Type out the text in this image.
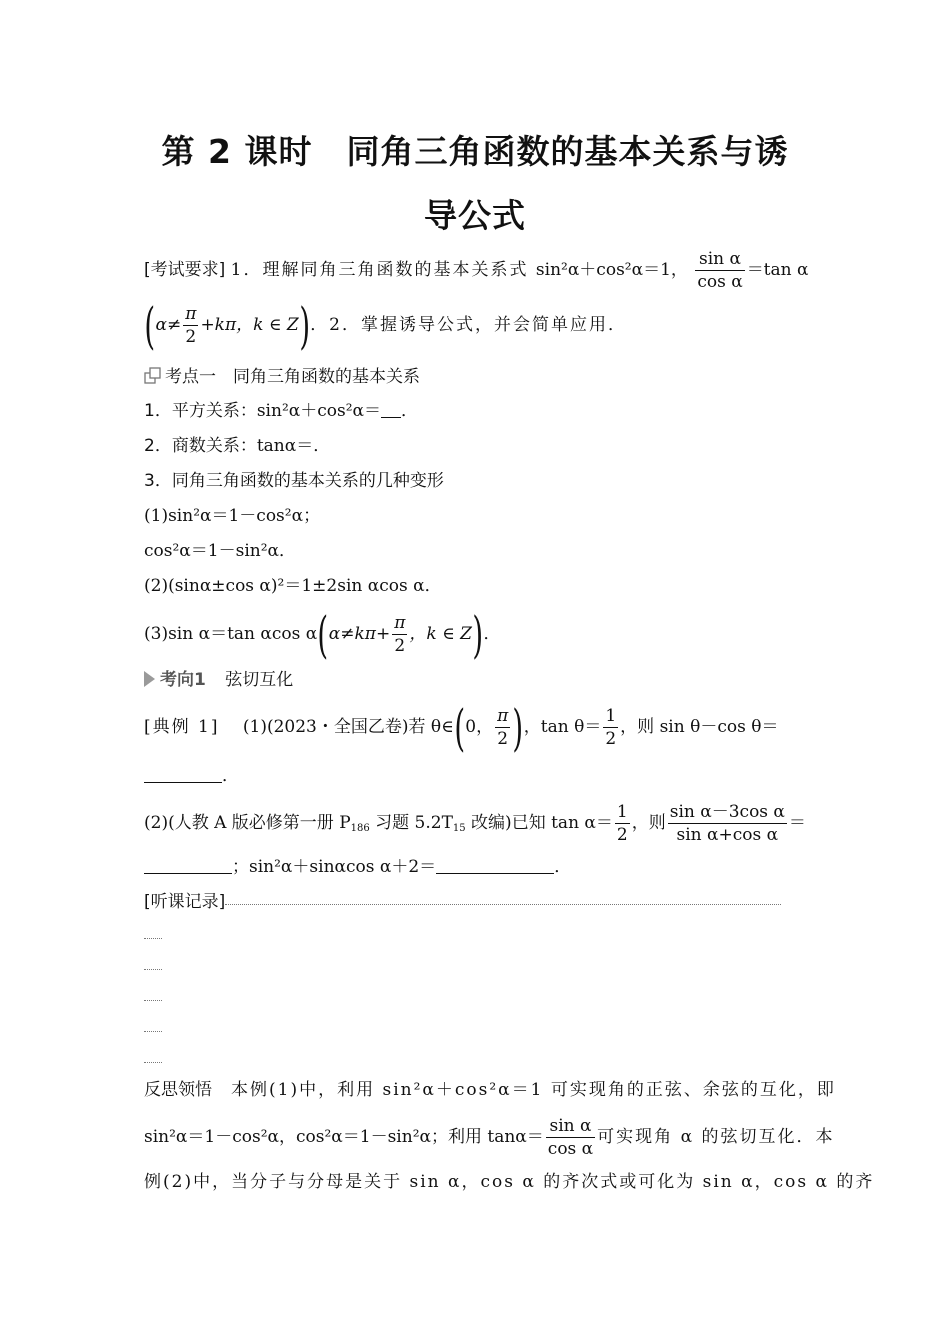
第 2 课时　同角三角函数的基本关系与诱
导公式
[考试要求] 1．理解同角三角函数的基本关系式 sin²α＋cos²α＝1， $\frac{\text{sin α}}{\text{cos α}} =\tan$ α
($\alpha\ne \frac{\pi}{2} +k\pi$，k ∈ Z)．2．掌握诱导公式，并会简单应用．
考点一　同角三角函数的基本关系
1．平方关系：sin²α＋cos²α＝ ．
2．商数关系：tanα＝．
3．同角三角函数的基本关系的几种变形
(1)sin²α＝1－cos²α；
cos²α＝1－sin²α．
(2)(sinα±cos α)²＝1±2sin αcos α．
(3)sin α＝tan αcos $\alpha(\alpha\ne k\pi+ \frac{\pi}{2}$ ，k ∈ Z)．
考向1 弦切互化
[典例 1] (1)(2023・全国乙卷)若 θ∈(0， $\frac{\pi}{2}$ )，$\tan \theta= \frac{1}{2}$ ，则 sin θ－cos θ＝
．
(2)(人教 A 版必修第一册 $P_{186}$ 习题 $5.2T_{15}$ 改编)已知 $\tan \alpha= \frac{1}{2}$ ，则 $\frac{\text{sin α－3cos α}}{\text{sin α+cos α}}$ ＝
；sin²α＋sinαcos α＋2＝	．
[听课记录]
反思领悟　本例(1)中，利用 sin²α＋cos²α＝1 可实现角的正弦、余弦的互化，即
sin²α＝1－cos²α，cos²α＝1－sin²α；利用 $\tan\alpha= \frac{\text{sin α}}{\text{cos α}}$ 可实现角 α 的弦切互化．本
例(2)中，当分子与分母是关于 sin α，cos α 的齐次式或可化为 sin α，cos α 的齐
